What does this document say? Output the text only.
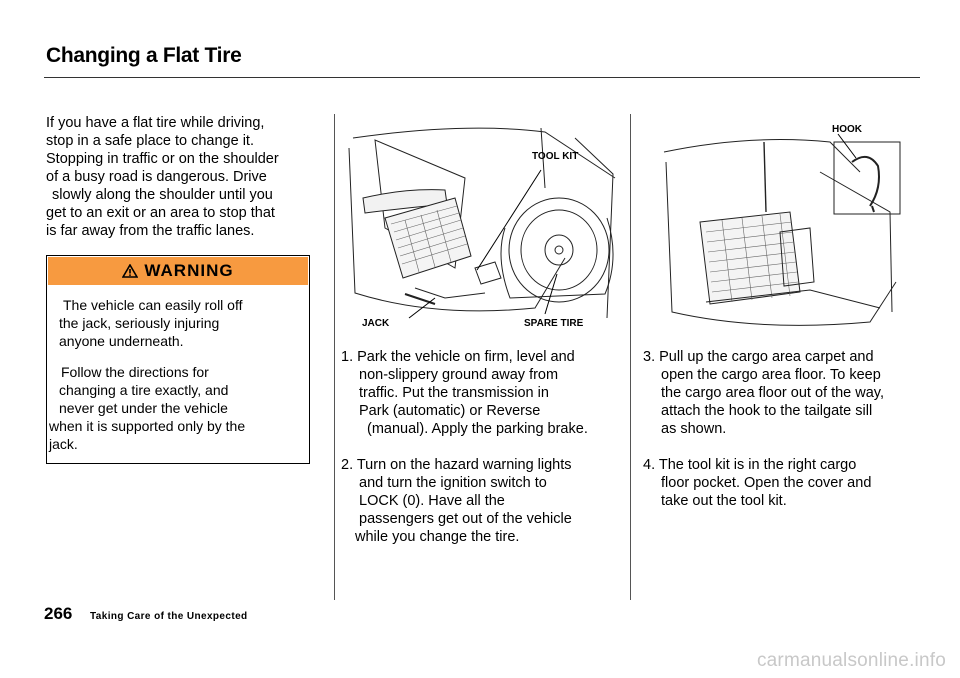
Changing a Flat Tire
If you have a flat tire while driving,
stop in a safe place to change it.
Stopping in traffic or on the shoulder
of a busy road is dangerous. Drive
slowly along the shoulder until you
get to an exit or an area to stop that
is far away from the traffic lanes.
WARNING

The vehicle can easily roll off
the jack, seriously injuring
anyone underneath.

Follow the directions for
changing a tire exactly, and
never get under the vehicle
when it is supported only by the
jack.

TOOL KIT
JACK	SPARE TIRE
HOOK

1. Park the vehicle on firm, level and

non-slippery ground away from

traffic. Put the transmission in

Park (automatic) or Reverse

(manual). Apply the parking brake.

2. Turn on the hazard warning lights

and turn the ignition switch to

LOCK (0). Have all the

passengers get out of the vehicle

while you change the tire.

3. Pull up the cargo area carpet and

open the cargo area floor. To keep

the cargo area floor out of the way,

attach the hook to the tailgate sill

as shown.

4. The tool kit is in the right cargo

floor pocket. Open the cover and

take out the tool kit.

266 Taking Care of the Unexpected
carmanualsonline.info
